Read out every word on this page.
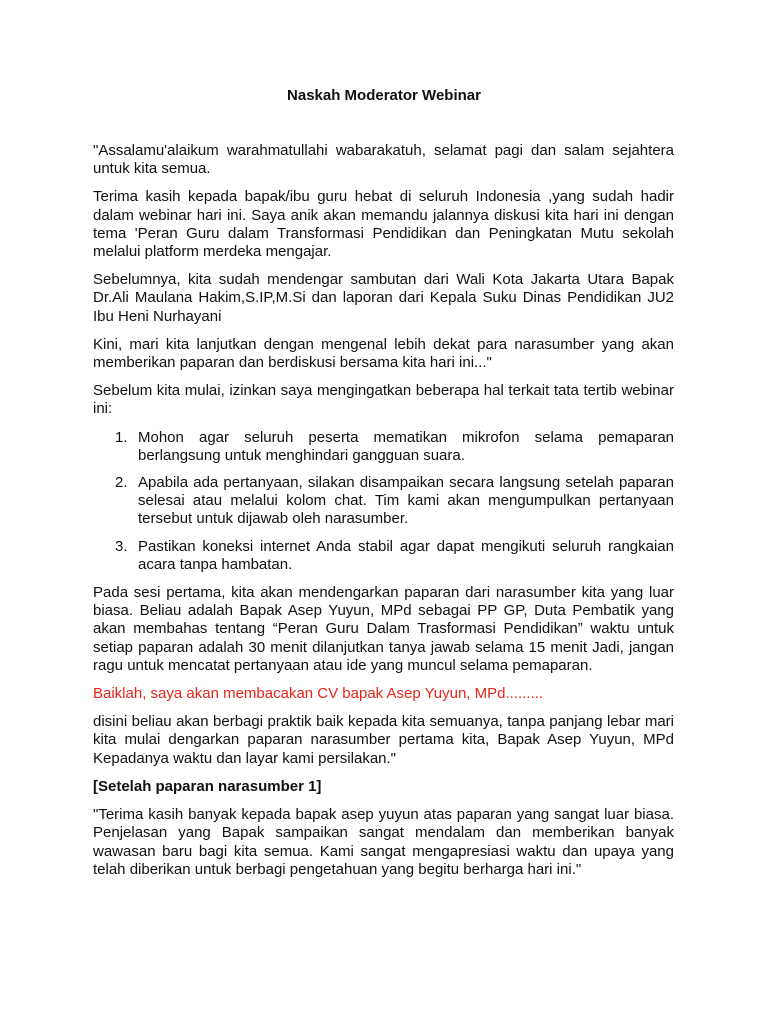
Naskah Moderator Webinar

"Assalamu'alaikum warahmatullahi wabarakatuh, selamat pagi dan salam sejahtera untuk kita semua.

Terima kasih kepada bapak/ibu guru hebat di seluruh Indonesia ,yang sudah hadir dalam webinar hari ini. Saya anik akan memandu jalannya diskusi kita hari ini dengan tema 'Peran Guru dalam Transformasi Pendidikan dan Peningkatan Mutu sekolah melalui platform merdeka mengajar.

Sebelumnya, kita sudah mendengar sambutan dari Wali Kota Jakarta Utara Bapak Dr.Ali Maulana Hakim,S.IP,M.Si dan laporan dari Kepala Suku Dinas Pendidikan JU2 Ibu Heni Nurhayani

Kini, mari kita lanjutkan dengan mengenal lebih dekat para narasumber yang akan memberikan paparan dan berdiskusi bersama kita hari ini..."

Sebelum kita mulai, izinkan saya mengingatkan beberapa hal terkait tata tertib webinar ini:

1. Mohon agar seluruh peserta mematikan mikrofon selama pemaparan berlangsung untuk menghindari gangguan suara.
2. Apabila ada pertanyaan, silakan disampaikan secara langsung setelah paparan selesai atau melalui kolom chat. Tim kami akan mengumpulkan pertanyaan tersebut untuk dijawab oleh narasumber.
3. Pastikan koneksi internet Anda stabil agar dapat mengikuti seluruh rangkaian acara tanpa hambatan.

Pada sesi pertama, kita akan mendengarkan paparan dari narasumber kita yang luar biasa. Beliau adalah Bapak Asep Yuyun, MPd sebagai PP GP, Duta Pembatik yang akan membahas tentang “Peran Guru Dalam Trasformasi Pendidikan” waktu untuk setiap paparan adalah 30 menit dilanjutkan tanya jawab selama 15 menit Jadi, jangan ragu untuk mencatat pertanyaan atau ide yang muncul selama pemaparan.

Baiklah, saya akan membacakan CV bapak Asep Yuyun, MPd.........

disini beliau akan berbagi praktik baik kepada kita semuanya, tanpa panjang lebar mari kita mulai dengarkan paparan narasumber pertama kita, Bapak Asep Yuyun, MPd Kepadanya waktu dan layar kami persilakan."

[Setelah paparan narasumber 1]

"Terima kasih banyak kepada bapak asep yuyun atas paparan yang sangat luar biasa. Penjelasan yang Bapak sampaikan sangat mendalam dan memberikan banyak wawasan baru bagi kita semua. Kami sangat mengapresiasi waktu dan upaya yang telah diberikan untuk berbagi pengetahuan yang begitu berharga hari ini."
